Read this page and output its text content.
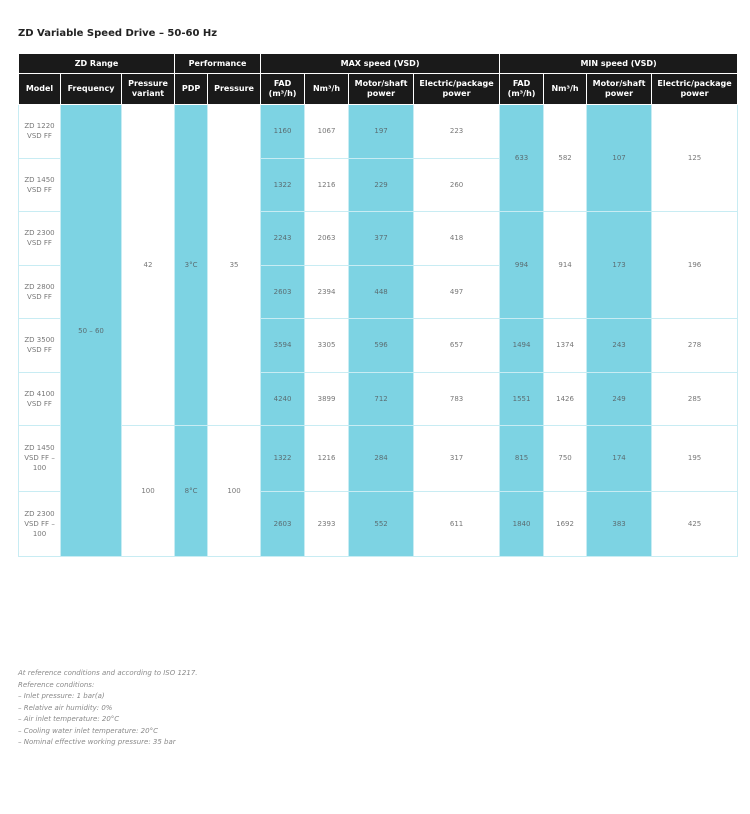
ZD Variable Speed Drive – 50-60 Hz
ZD Range			Performance		MAX speed (VSD)				MIN speed (VSD)			
Model	Frequency	Pressure variant	PDP	Pressure	FAD (m³/h)	Nm³/h	Motor/shaft power	Electric/package power	FAD (m³/h)	Nm³/h	Motor/shaft power	Electric/package power
ZD 1220 VSD FF	50 – 60	42	3°C	35	1160	1067	197	223	633	582	107	125
ZD 1450 VSD FF					1322	1216	229	260				
ZD 2300 VSD FF					2243	2063	377	418	994	914	173	196
ZD 2800 VSD FF					2603	2394	448	497				
ZD 3500 VSD FF					3594	3305	596	657	1494	1374	243	278
ZD 4100 VSD FF					4240	3899	712	783	1551	1426	249	285
ZD 1450 VSD FF – 100		100	8°C	100	1322	1216	284	317	815	750	174	195
ZD 2300 VSD FF – 100					2603	2393	552	611	1840	1692	383	425
At reference conditions and according to ISO 1217.
Reference conditions:
– Inlet pressure: 1 bar(a)
– Relative air humidity: 0%
– Air inlet temperature: 20°C
– Cooling water inlet temperature: 20°C
– Nominal effective working pressure: 35 bar
